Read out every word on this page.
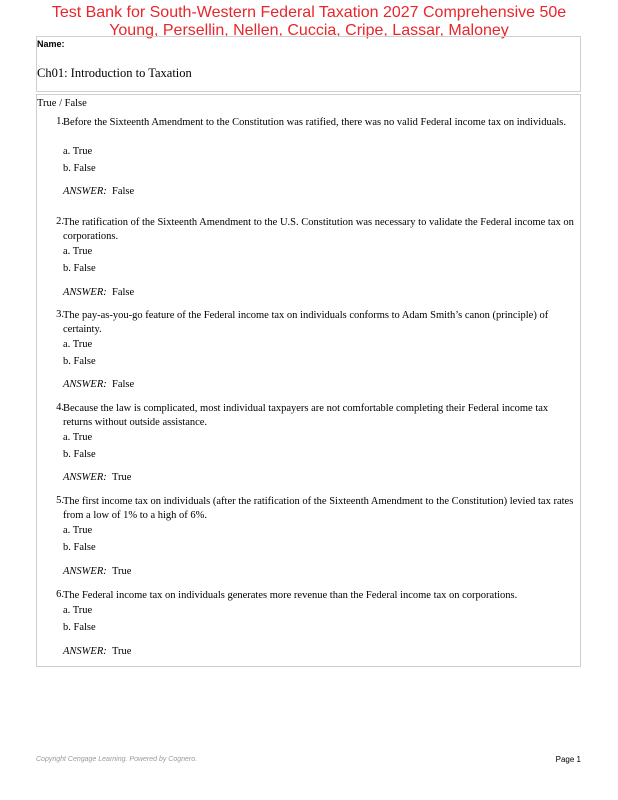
Test Bank for South-Western Federal Taxation 2027 Comprehensive 50e
Young, Persellin, Nellen, Cuccia, Cripe, Lassar, Maloney
Name:
Ch01: Introduction to Taxation
True / False
1. Before the Sixteenth Amendment to the Constitution was ratified, there was no valid Federal income tax on individuals.
a. True
b. False
ANSWER: False
2. The ratification of the Sixteenth Amendment to the U.S. Constitution was necessary to validate the Federal income tax on corporations.
a. True
b. False
ANSWER: False
3. The pay-as-you-go feature of the Federal income tax on individuals conforms to Adam Smith’s canon (principle) of certainty.
a. True
b. False
ANSWER: False
4. Because the law is complicated, most individual taxpayers are not comfortable completing their Federal income tax returns without outside assistance.
a. True
b. False
ANSWER: True
5. The first income tax on individuals (after the ratification of the Sixteenth Amendment to the Constitution) levied tax rates from a low of 1% to a high of 6%.
a. True
b. False
ANSWER: True
6. The Federal income tax on individuals generates more revenue than the Federal income tax on corporations.
a. True
b. False
ANSWER: True
Copyright Cengage Learning. Powered by Cognero.	Page 1
